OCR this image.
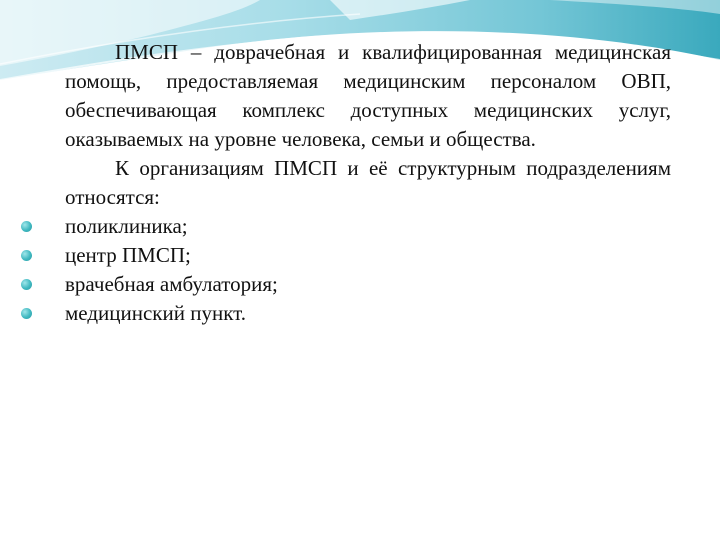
ПМСП – доврачебная и квалифицированная медицинская помощь, предоставляемая медицинским персоналом ОВП, обеспечивающая комплекс доступных медицинских услуг, оказываемых на уровне человека, семьи и общества.

К организациям ПМСП и её структурным подразделениям относятся:

поликлиника;
центр ПМСП;
врачебная амбулатория;
медицинский пункт.
